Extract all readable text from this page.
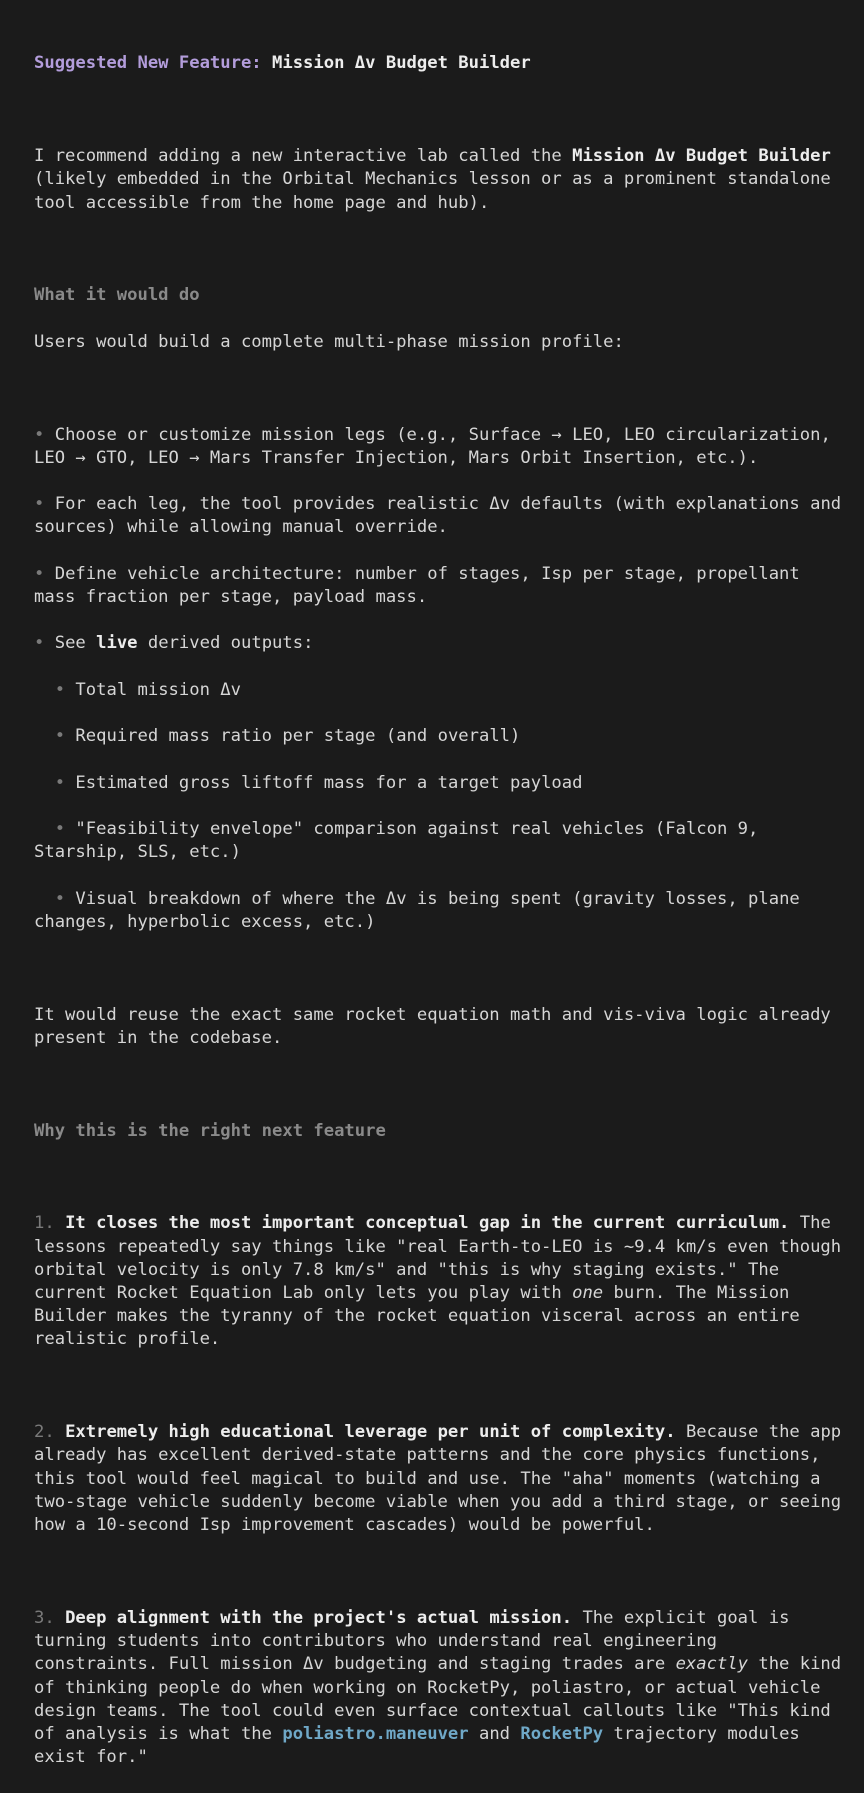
Suggested New Feature: Mission Δv Budget Builder

I recommend adding a new interactive lab called the Mission Δv Budget Builder (likely embedded in the Orbital Mechanics lesson or as a prominent standalone tool accessible from the home page and hub).

What it would do

Users would build a complete multi-phase mission profile:

• Choose or customize mission legs (e.g., Surface → LEO, LEO circularization, LEO → GTO, LEO → Mars Transfer Injection, Mars Orbit Insertion, etc.).

• For each leg, the tool provides realistic Δv defaults (with explanations and sources) while allowing manual override.

• Define vehicle architecture: number of stages, Isp per stage, propellant mass fraction per stage, payload mass.

• See live derived outputs:

• Total mission Δv

• Required mass ratio per stage (and overall)

• Estimated gross liftoff mass for a target payload

• "Feasibility envelope" comparison against real vehicles (Falcon 9, Starship, SLS, etc.)

• Visual breakdown of where the Δv is being spent (gravity losses, plane changes, hyperbolic excess, etc.)

It would reuse the exact same rocket equation math and vis-viva logic already present in the codebase.

Why this is the right next feature

1. It closes the most important conceptual gap in the current curriculum. The lessons repeatedly say things like "real Earth-to-LEO is ~9.4 km/s even though orbital velocity is only 7.8 km/s" and "this is why staging exists." The current Rocket Equation Lab only lets you play with one burn. The Mission Builder makes the tyranny of the rocket equation visceral across an entire realistic profile.

2. Extremely high educational leverage per unit of complexity. Because the app already has excellent derived-state patterns and the core physics functions, this tool would feel magical to build and use. The "aha" moments (watching a two-stage vehicle suddenly become viable when you add a third stage, or seeing how a 10-second Isp improvement cascades) would be powerful.

3. Deep alignment with the project's actual mission. The explicit goal is turning students into contributors who understand real engineering constraints. Full mission Δv budgeting and staging trades are exactly the kind of thinking people do when working on RocketPy, poliastro, or actual vehicle design teams. The tool could even surface contextual callouts like "This kind of analysis is what the poliastro.maneuver and RocketPy trajectory modules exist for."
